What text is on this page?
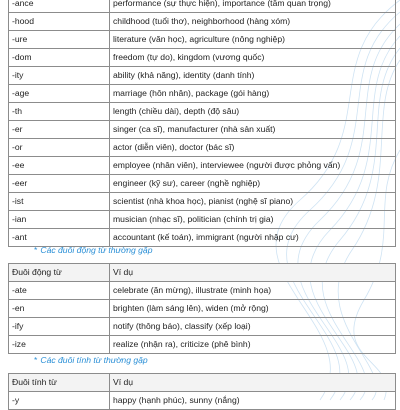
-ance	performance (sự thực hiện), importance (tầm quan trọng)
-hood	childhood (tuổi thơ), neighborhood (hàng xóm)
-ure	literature (văn học), agriculture (nông nghiệp)
-dom	freedom (tự do), kingdom (vương quốc)
-ity	ability (khả năng), identity (danh tính)
-age	marriage (hôn nhân), package (gói hàng)
-th	length (chiều dài), depth (độ sâu)
-er	singer (ca sĩ), manufacturer (nhà sản xuất)
-or	actor (diễn viên), doctor (bác sĩ)
-ee	employee (nhân viên), interviewee (người được phỏng vấn)
-eer	engineer (kỹ sư), career (nghề nghiệp)
-ist	scientist (nhà khoa học), pianist (nghệ sĩ piano)
-ian	musician (nhạc sĩ), politician (chính trị gia)
-ant	accountant (kế toán), immigrant (người nhập cư)
* Các đuôi động từ thường gặp
Đuôi động từ	Ví dụ
-ate	celebrate (ăn mừng), illustrate (minh họa)
-en	brighten (làm sáng lên), widen (mở rộng)
-ify	notify (thông báo), classify (xếp loại)
-ize	realize (nhận ra), criticize (phê bình)
* Các đuôi tính từ thường gặp
Đuôi tính từ	Ví dụ
-y	happy (hạnh phúc), sunny (nắng)
